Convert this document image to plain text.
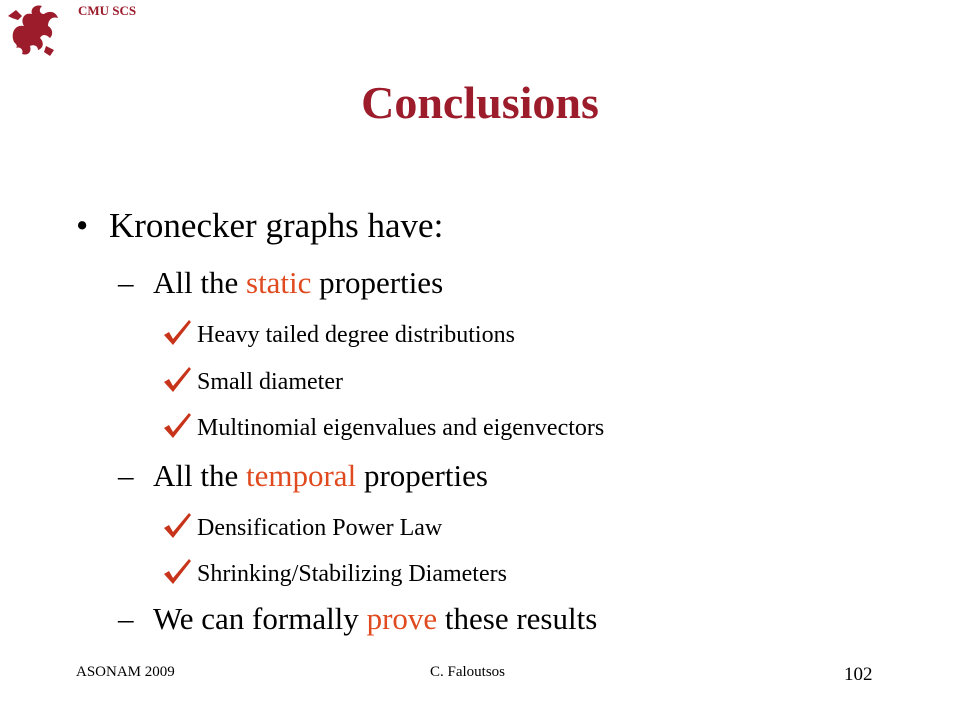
CMU SCS
Conclusions
• Kronecker graphs have:
– All the static properties
Heavy tailed degree distributions
Small diameter
Multinomial eigenvalues and eigenvectors
– All the temporal properties
Densification Power Law
Shrinking/Stabilizing Diameters
– We can formally prove these results
ASONAM 2009	C. Faloutsos	102
